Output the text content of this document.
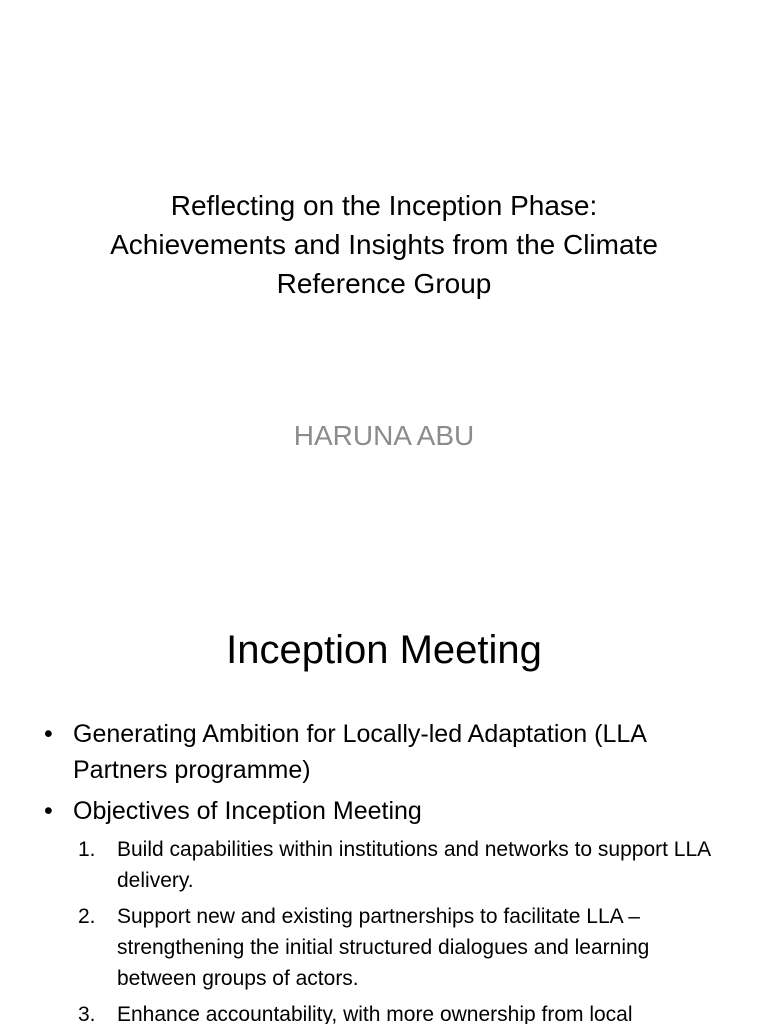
Reflecting on the Inception Phase:
Achievements and Insights from the Climate
Reference Group
HARUNA ABU
Inception Meeting
• Generating Ambition for Locally-led Adaptation (LLA Partners programme)
• Objectives of Inception Meeting
1. Build capabilities within institutions and networks to support LLA delivery.
2. Support new and existing partnerships to facilitate LLA – strengthening the initial structured dialogues and learning between groups of actors.
3. Enhance accountability, with more ownership from local
